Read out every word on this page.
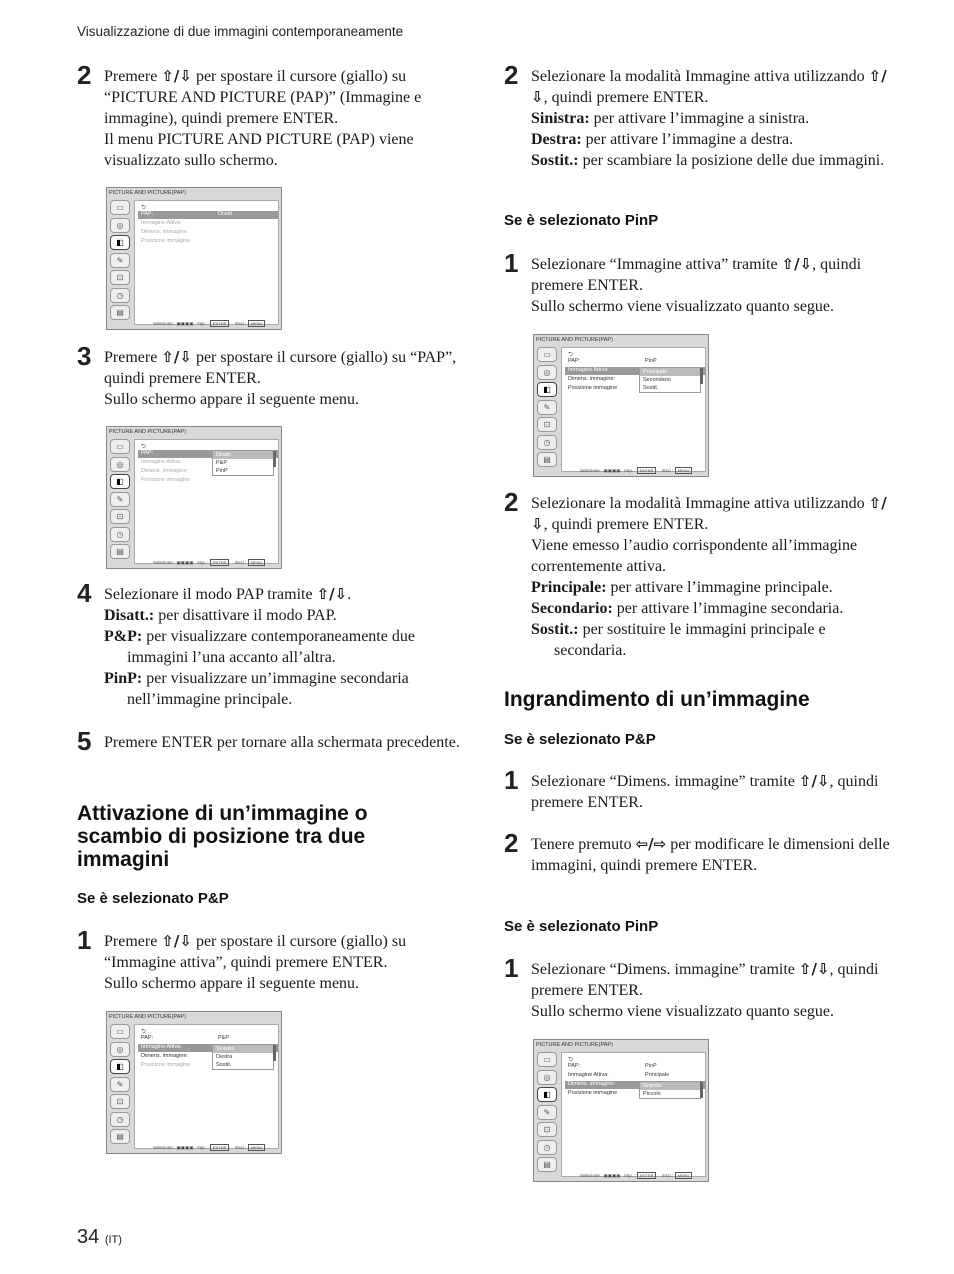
Visualizzazione di due immagini contemporaneamente
2 Premere ⇧/⇩ per spostare il cursore (giallo) su “PICTURE AND PICTURE (PAP)” (Immagine e immagine), quindi premere ENTER.

Il menu PICTURE AND PICTURE (PAP) viene visualizzato sullo schermo.

PICTURE AND PICTURE(PAP)
▭
◎
◧
✎
⊡
◷
▤
⮌
PAP:	Disatt.
Immagine Attiva:
Dimens. immagine:
Posizione immagine
Selezione : ▣▣▣▣   Imp. : ENTER Esci : MENU
3 Premere ⇧/⇩ per spostare il cursore (giallo) su “PAP”, quindi premere ENTER.

Sullo schermo appare il seguente menu.

PICTURE AND PICTURE(PAP)
▭
◎
◧
✎
⊡
◷
▤
⮌
PAP:
Immagine Attiva:
Dimens. immagine:
Posizione immagine
Disatt.
P&P
PinP
Selezione : ▣▣▣▣   Imp. : ENTER Esci : MENU
4 Selezionare il modo PAP tramite ⇧/⇩.

Disatt.: per disattivare il modo PAP.

P&P: per visualizzare contemporaneamente due immagini l’una accanto all’altra.

PinP: per visualizzare un’immagine secondaria nell’immagine principale.

5 Premere ENTER per tornare alla schermata precedente.

Attivazione di un’immagine o scambio di posizione tra due immagini
Se è selezionato P&P
1 Premere ⇧/⇩ per spostare il cursore (giallo) su “Immagine attiva”, quindi premere ENTER.

Sullo schermo appare il seguente menu.

PICTURE AND PICTURE(PAP)
▭
◎
◧
✎
⊡
◷
▤
⮌
PAP:	P&P
Immagine Attiva:
Dimens. immagine:
Posizione immagine
Sinistra
Destra
Sostit.
Selezione : ▣▣▣▣   Imp. : ENTER Esci : MENU
2 Selezionare la modalità Immagine attiva utilizzando ⇧/⇩, quindi premere ENTER.

Sinistra: per attivare l’immagine a sinistra.

Destra: per attivare l’immagine a destra.

Sostit.: per scambiare la posizione delle due immagini.

Se è selezionato PinP
1 Selezionare “Immagine attiva” tramite ⇧/⇩, quindi premere ENTER.

Sullo schermo viene visualizzato quanto segue.

PICTURE AND PICTURE(PAP)
▭
◎
◧
✎
⊡
◷
▤
⮌
PAP:	PinP
Immagine Attiva:
Dimens. immagine:
Posizione immagine
Principale
Secondario
Sostit.
Selezione : ▣▣▣▣   Imp. : ENTER Esci : MENU
2 Selezionare la modalità Immagine attiva utilizzando ⇧/⇩, quindi premere ENTER.

Viene emesso l’audio corrispondente all’immagine correntemente attiva.

Principale: per attivare l’immagine principale.

Secondario: per attivare l’immagine secondaria.

Sostit.: per sostituire le immagini principale e secondaria.

Ingrandimento di un’immagine
Se è selezionato P&P
1 Selezionare “Dimens. immagine” tramite ⇧/⇩, quindi premere ENTER.

2 Tenere premuto ⇦/⇨ per modificare le dimensioni delle immagini, quindi premere ENTER.

Se è selezionato PinP
1 Selezionare “Dimens. immagine” tramite ⇧/⇩, quindi premere ENTER.

Sullo schermo viene visualizzato quanto segue.

PICTURE AND PICTURE(PAP)
▭
◎
◧
✎
⊡
◷
▤
⮌
PAP:	PinP
Immagine Attiva:	Principale
Dimens. immagine:
Posizione immagine
Grande
Piccolo
Selezione : ▣▣▣▣   Imp. : ENTER Esci : MENU
34 (IT)
